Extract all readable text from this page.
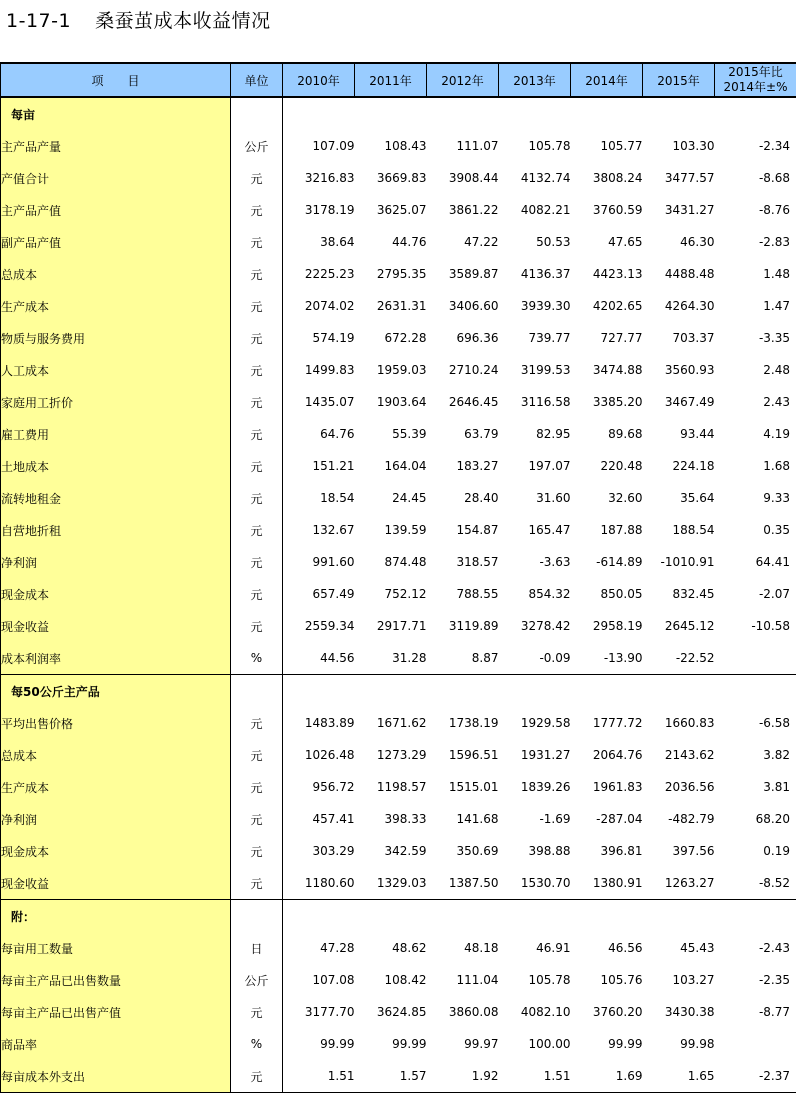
1-17-1 桑蚕茧成本收益情况
项　　目	单位	2010年	2011年	2012年	2013年	2014年	2015年	2015年比
2014年±%

每亩								
主产品产量	公斤	107.09	108.43	111.07	105.78	105.77	103.30	-2.34
产值合计	元	3216.83	3669.83	3908.44	4132.74	3808.24	3477.57	-8.68
主产品产值	元	3178.19	3625.07	3861.22	4082.21	3760.59	3431.27	-8.76
副产品产值	元	38.64	44.76	47.22	50.53	47.65	46.30	-2.83
总成本	元	2225.23	2795.35	3589.87	4136.37	4423.13	4488.48	1.48
生产成本	元	2074.02	2631.31	3406.60	3939.30	4202.65	4264.30	1.47
物质与服务费用	元	574.19	672.28	696.36	739.77	727.77	703.37	-3.35
人工成本	元	1499.83	1959.03	2710.24	3199.53	3474.88	3560.93	2.48
家庭用工折价	元	1435.07	1903.64	2646.45	3116.58	3385.20	3467.49	2.43
雇工费用	元	64.76	55.39	63.79	82.95	89.68	93.44	4.19
土地成本	元	151.21	164.04	183.27	197.07	220.48	224.18	1.68
流转地租金	元	18.54	24.45	28.40	31.60	32.60	35.64	9.33
自营地折租	元	132.67	139.59	154.87	165.47	187.88	188.54	0.35
净利润	元	991.60	874.48	318.57	-3.63	-614.89	-1010.91	64.41
现金成本	元	657.49	752.12	788.55	854.32	850.05	832.45	-2.07
现金收益	元	2559.34	2917.71	3119.89	3278.42	2958.19	2645.12	-10.58
成本利润率	%	44.56	31.28	8.87	-0.09	-13.90	-22.52	
每50公斤主产品								
平均出售价格	元	1483.89	1671.62	1738.19	1929.58	1777.72	1660.83	-6.58
总成本	元	1026.48	1273.29	1596.51	1931.27	2064.76	2143.62	3.82
生产成本	元	956.72	1198.57	1515.01	1839.26	1961.83	2036.56	3.81
净利润	元	457.41	398.33	141.68	-1.69	-287.04	-482.79	68.20
现金成本	元	303.29	342.59	350.69	398.88	396.81	397.56	0.19
现金收益	元	1180.60	1329.03	1387.50	1530.70	1380.91	1263.27	-8.52
附：								
每亩用工数量	日	47.28	48.62	48.18	46.91	46.56	45.43	-2.43
每亩主产品已出售数量	公斤	107.08	108.42	111.04	105.78	105.76	103.27	-2.35
每亩主产品已出售产值	元	3177.70	3624.85	3860.08	4082.10	3760.20	3430.38	-8.77
商品率	%	99.99	99.99	99.97	100.00	99.99	99.98	
每亩成本外支出	元	1.51	1.57	1.92	1.51	1.69	1.65	-2.37
